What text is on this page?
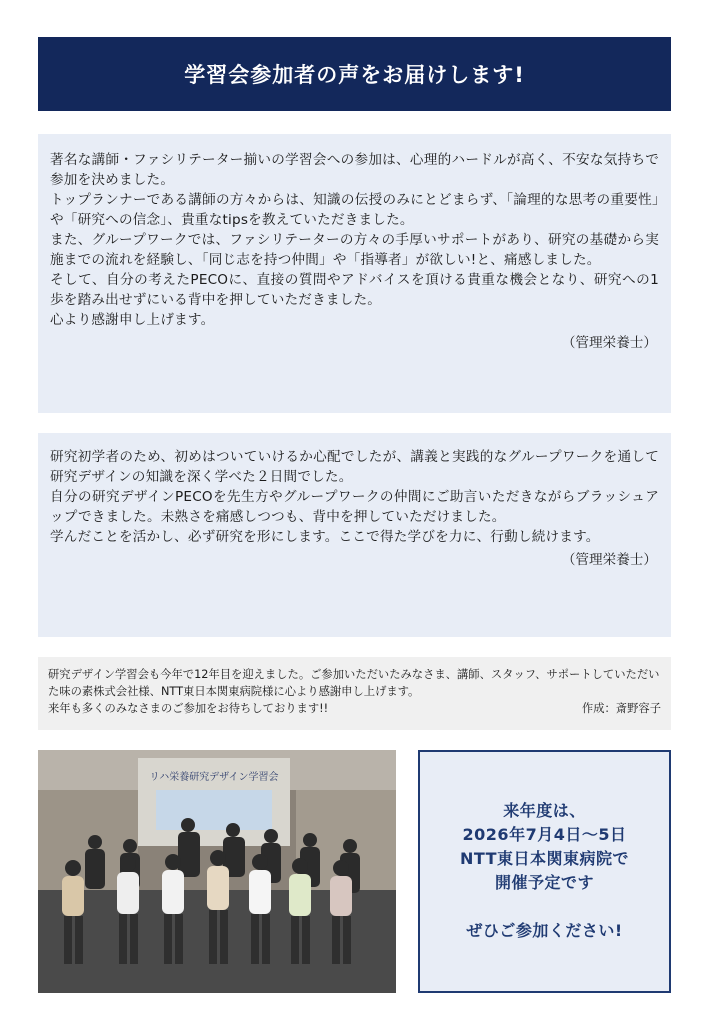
学習会参加者の声をお届けします!

著名な講師・ファシリテーター揃いの学習会への参加は、心理的ハードルが高く、不安な気持ちで参加を決めました。

トップランナーである講師の方々からは、知識の伝授のみにとどまらず、「論理的な思考の重要性」や「研究への信念」、貴重なtipsを教えていただきました。

また、グループワークでは、ファシリテーターの方々の手厚いサポートがあり、研究の基礎から実施までの流れを経験し、「同じ志を持つ仲間」や「指導者」が欲しい!と、痛感しました。

そして、自分の考えたPECOに、直接の質問やアドバイスを頂ける貴重な機会となり、研究への1歩を踏み出せずにいる背中を押していただきました。

心より感謝申し上げます。

（管理栄養士）

研究初学者のため、初めはついていけるか心配でしたが、講義と実践的なグループワークを通して研究デザインの知識を深く学べた２日間でした。

自分の研究デザインPECOを先生方やグループワークの仲間にご助言いただきながらブラッシュアップできました。未熟さを痛感しつつも、背中を押していただけました。

学んだことを活かし、必ず研究を形にします。ここで得た学びを力に、行動し続けます。

（管理栄養士）

研究デザイン学習会も今年で12年目を迎えました。ご参加いただいたみなさま、講師、スタッフ、サポートしていただいた味の素株式会社様、NTT東日本関東病院様に心より感謝申し上げます。

来年も多くのみなさまのご参加をお待ちしております!!	作成：斎野容子
リハ栄養研究デザイン学習会
来年度は、
2026年7月4日～5日
NTT東日本関東病院で
開催予定です
ぜひご参加ください!
